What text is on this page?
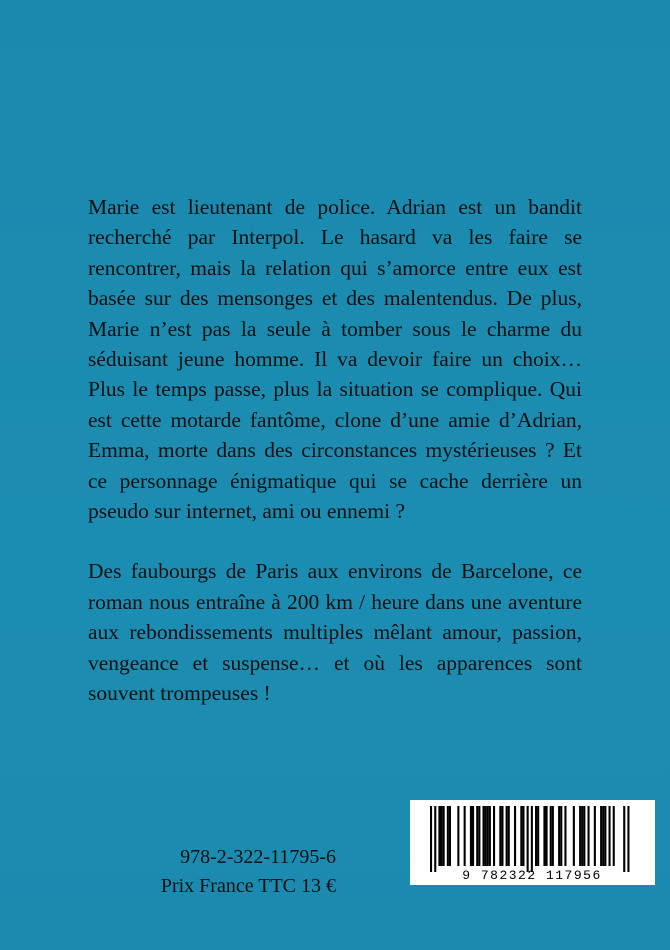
Marie est lieutenant de police. Adrian est un bandit recherché par Interpol. Le hasard va les faire se rencontrer, mais la relation qui s’amorce entre eux est basée sur des mensonges et des malentendus. De plus, Marie n’est pas la seule à tomber sous le charme du séduisant jeune homme. Il va devoir faire un choix… Plus le temps passe, plus la situation se complique. Qui est cette motarde fantôme, clone d’une amie d’Adrian, Emma, morte dans des circonstances mystérieuses ? Et ce personnage énigmatique qui se cache derrière un pseudo sur internet, ami ou ennemi ?

Des faubourgs de Paris aux environs de Barcelone, ce roman nous entraîne à 200 km / heure dans une aventure aux rebondissements multiples mêlant amour, passion, vengeance et suspense… et où les apparences sont souvent trompeuses !

978-2-322-11795-6
Prix France TTC 13 €	9 782322 117956
